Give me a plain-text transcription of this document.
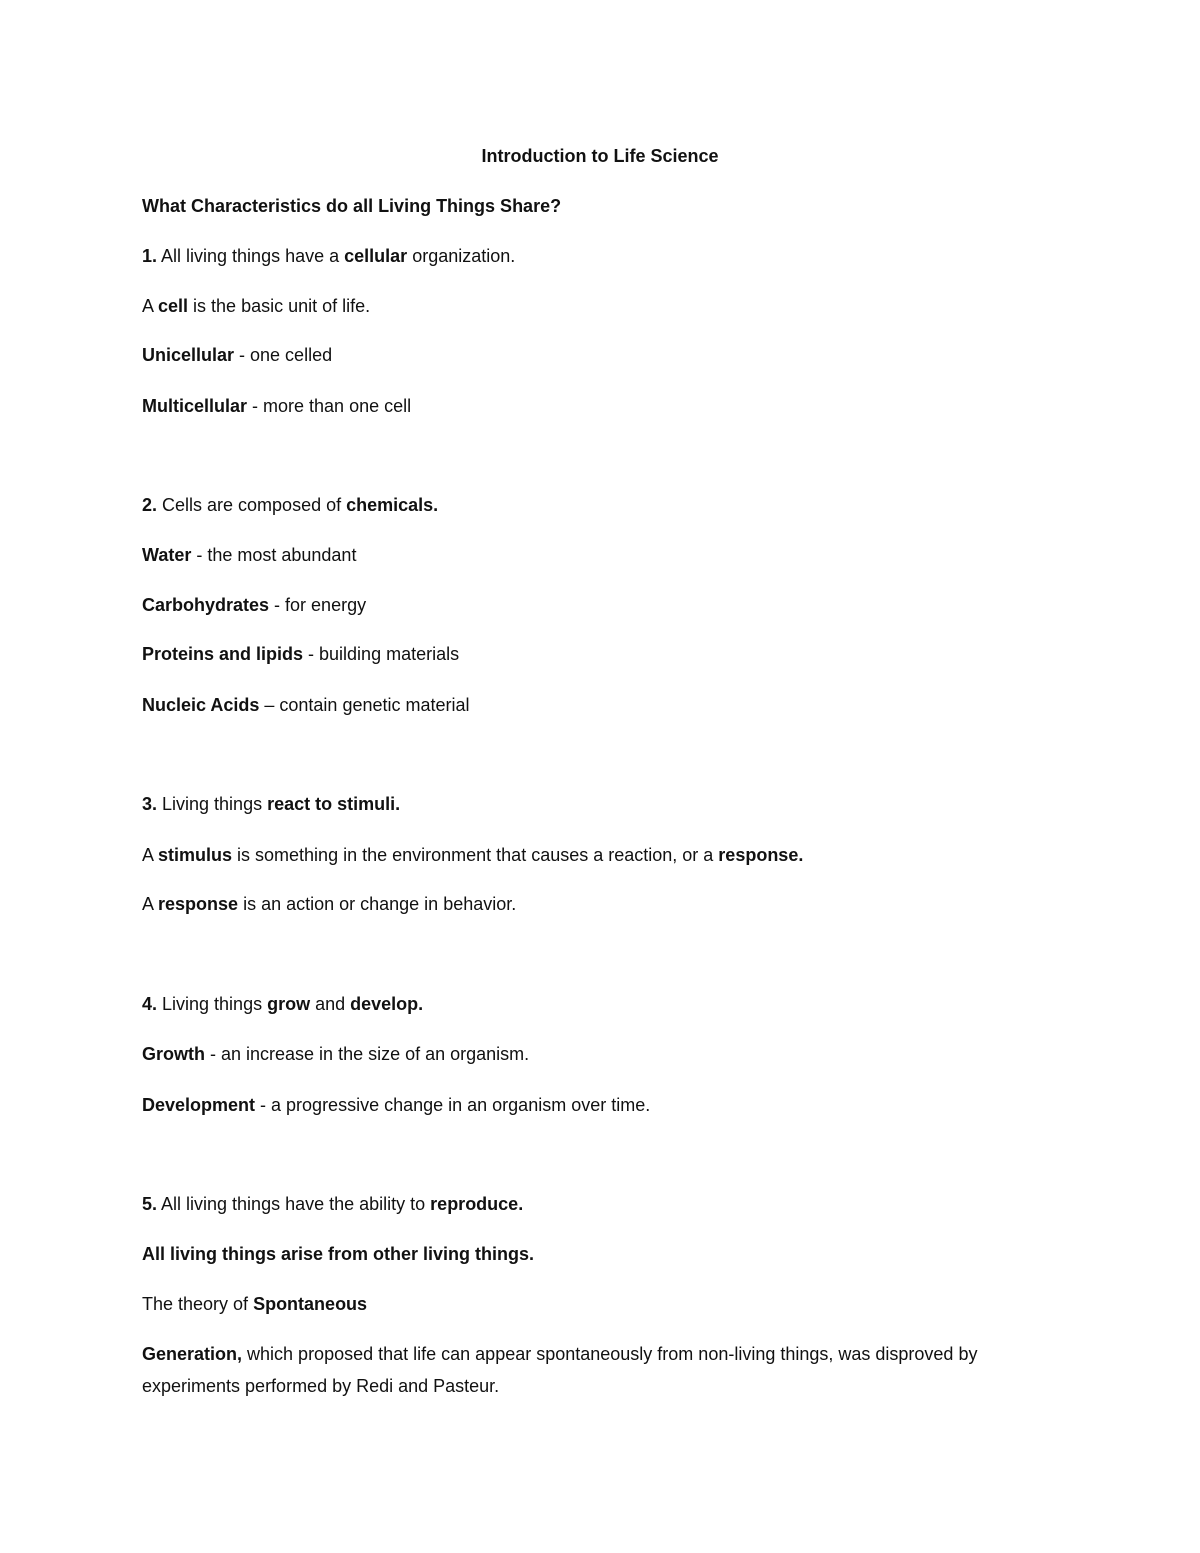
Introduction to Life Science
What Characteristics do all Living Things Share?
1. All living things have a cellular organization.
A cell is the basic unit of life.
Unicellular - one celled
Multicellular - more than one cell
2. Cells are composed of chemicals.
Water - the most abundant
Carbohydrates - for energy
Proteins and lipids - building materials
Nucleic Acids – contain genetic material
3. Living things react to stimuli.
A stimulus is something in the environment that causes a reaction, or a response.
A response is an action or change in behavior.
4. Living things grow and develop.
Growth - an increase in the size of an organism.
Development - a progressive change in an organism over time.
5. All living things have the ability to reproduce.
All living things arise from other living things.
The theory of Spontaneous
Generation, which proposed that life can appear spontaneously from non-living things, was disproved by experiments performed by Redi and Pasteur.
